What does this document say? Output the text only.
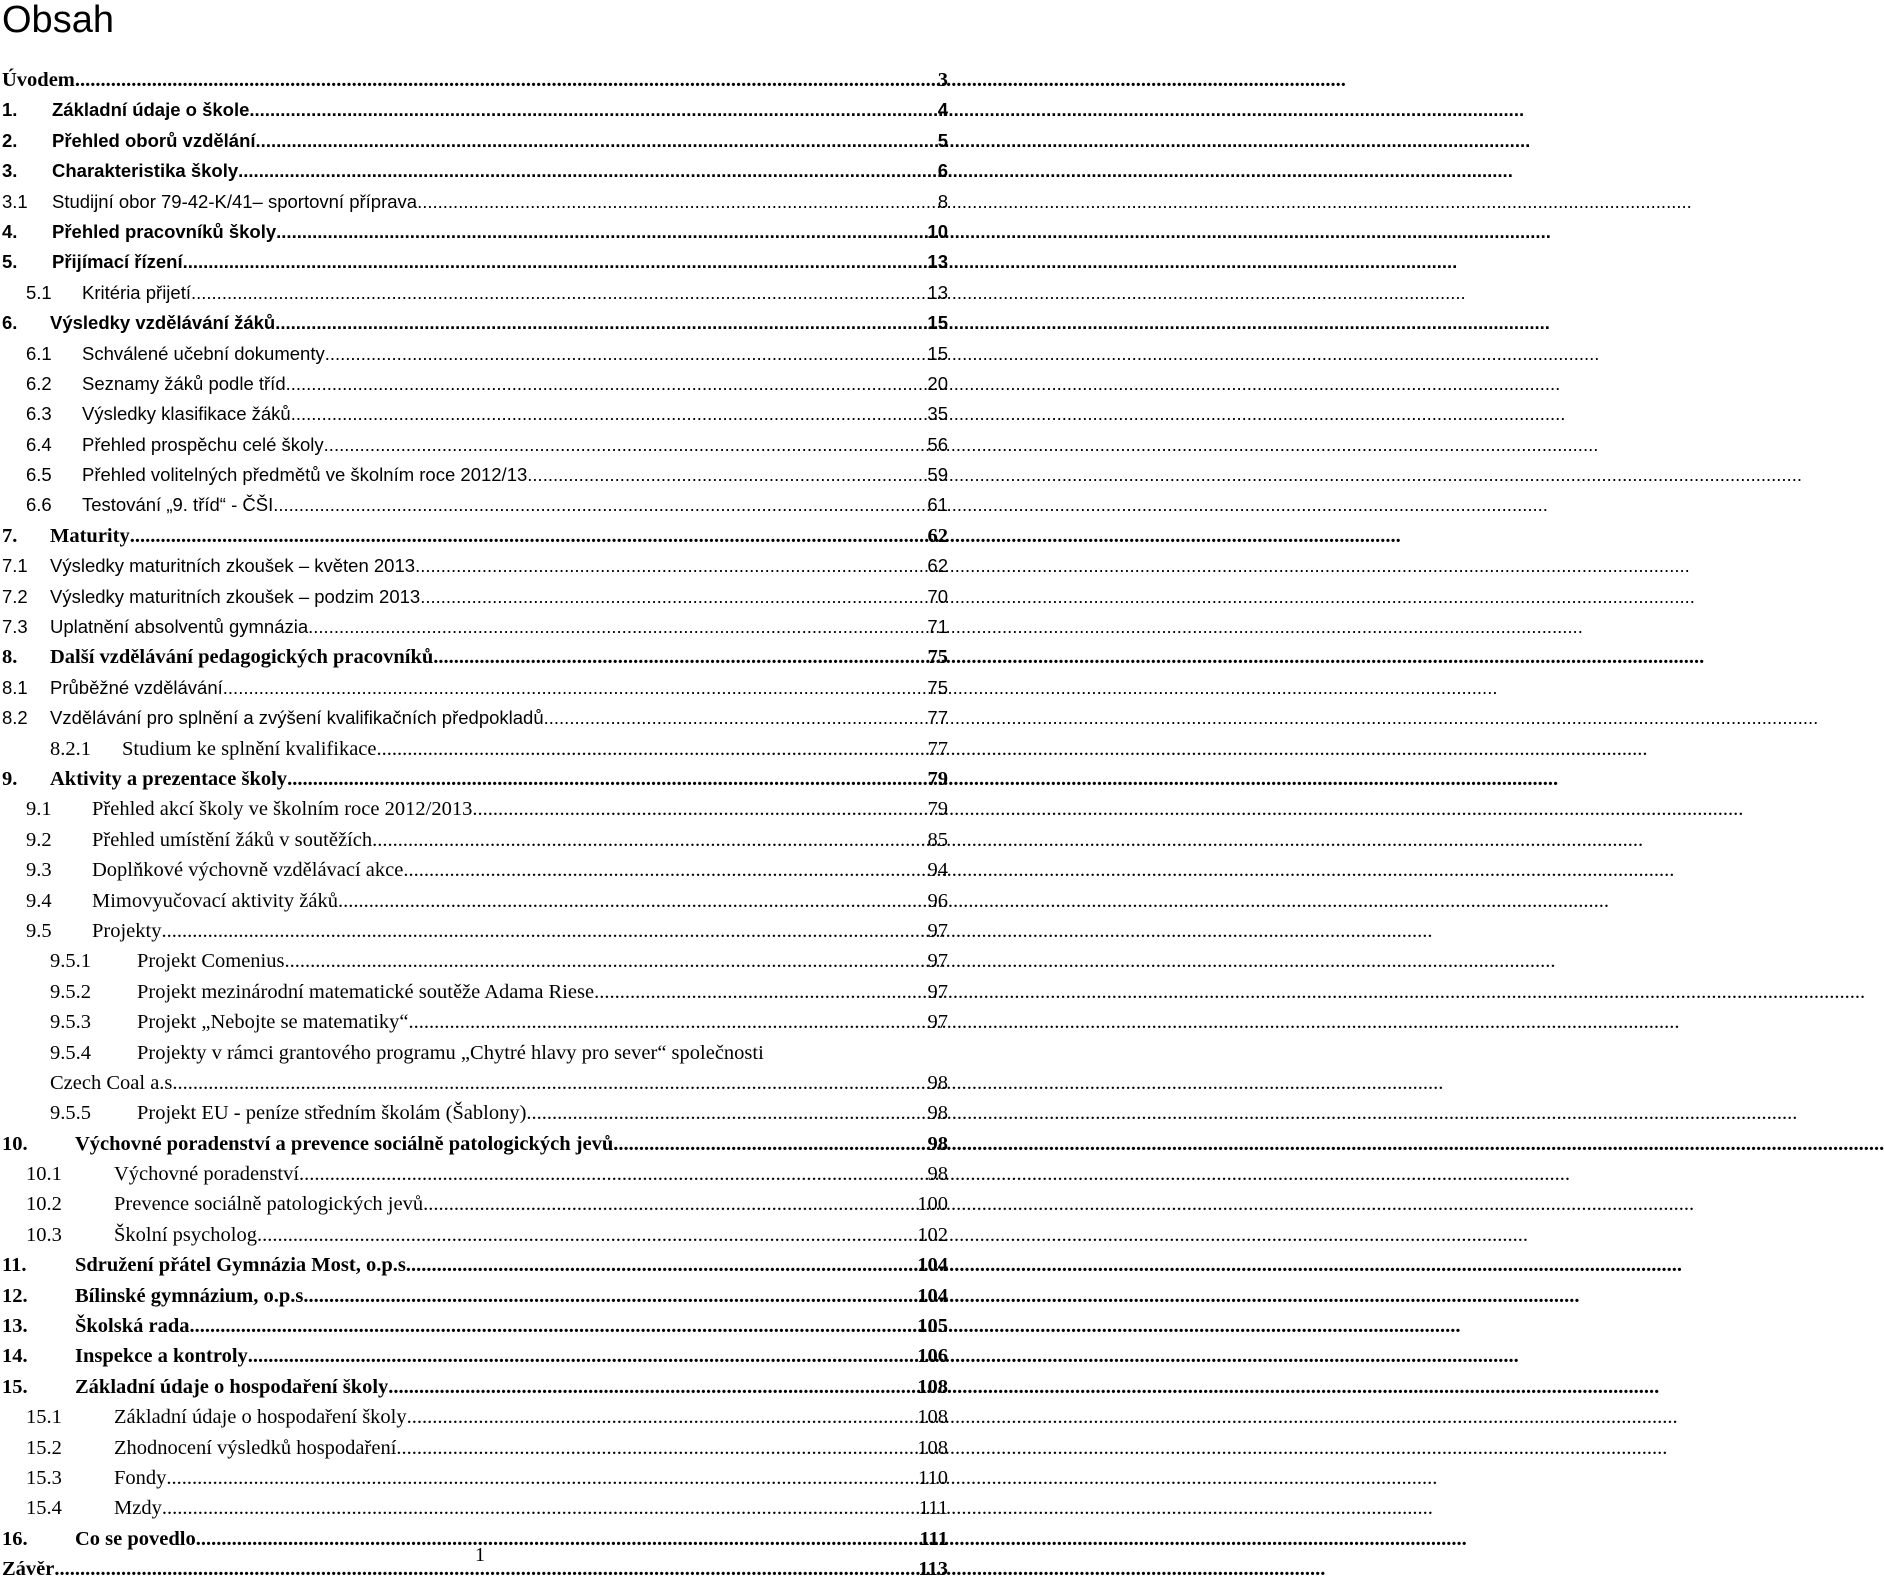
Obsah
Úvodem .....	3
1.	Základní údaje o škole .....	4
2.	Přehled oborů vzdělání .....	5
3.	Charakteristika školy .....	6
3.1	Studijní obor 79-42-K/41– sportovní příprava .....	8
4.	Přehled pracovníků školy .....	10
5.	Přijímací řízení .....	13
5.1	Kritéria přijetí .....	13
6.	Výsledky vzdělávání žáků .....	15
6.1	Schválené učební dokumenty .....	15
6.2	Seznamy žáků podle tříd .....	20
6.3	Výsledky klasifikace žáků .....	35
6.4	Přehled prospěchu celé školy .....	56
6.5	Přehled volitelných předmětů ve školním roce 2012/13 .....	59
6.6	Testování „9. tříd“ - ČŠI .....	61
7.	Maturity .....	62
7.1	Výsledky maturitních zkoušek – květen 2013 .....	62
7.2	Výsledky maturitních zkoušek – podzim 2013 .....	70
7.3	Uplatnění absolventů gymnázia .....	71
8.	Další vzdělávání pedagogických pracovníků .....	75
8.1	Průběžné vzdělávání .....	75
8.2	Vzdělávání pro splnění a zvýšení kvalifikačních předpokladů .....	77
8.2.1	Studium ke splnění kvalifikace .....	77
9.	Aktivity a prezentace školy .....	79
9.1	Přehled akcí školy ve školním roce 2012/2013 .....	79
9.2	Přehled umístění žáků v soutěžích .....	85
9.3	Doplňkové výchovně vzdělávací akce .....	94
9.4	Mimovyučovací aktivity žáků .....	96
9.5	Projekty .....	97
9.5.1	Projekt Comenius .....	97
9.5.2	Projekt mezinárodní matematické soutěže Adama Riese .....	97
9.5.3	Projekt „Nebojte se matematiky“ .....	97
9.5.4	Projekty v rámci grantového programu „Chytré hlavy pro sever“ společnosti
Czech Coal a.s .....	98
9.5.5	Projekt EU - peníze středním školám (Šablony) .....	98
10.	Výchovné poradenství a prevence sociálně patologických jevů .....	98
10.1	Výchovné poradenství .....	98
10.2	Prevence sociálně patologických jevů .....	100
10.3	Školní psycholog .....	102
11.	Sdružení přátel Gymnázia Most, o.p.s. .....	104
12.	Bílinské gymnázium, o.p.s. .....	104
13.	Školská rada .....	105
14.	Inspekce a kontroly .....	106
15.	Základní údaje o hospodaření školy .....	108
15.1	Základní údaje o hospodaření školy .....	108
15.2	Zhodnocení výsledků hospodaření .....	108
15.3	Fondy .....	110
15.4	Mzdy .....	111
16.	Co se povedlo .....	111
Závěr .....	113
1
